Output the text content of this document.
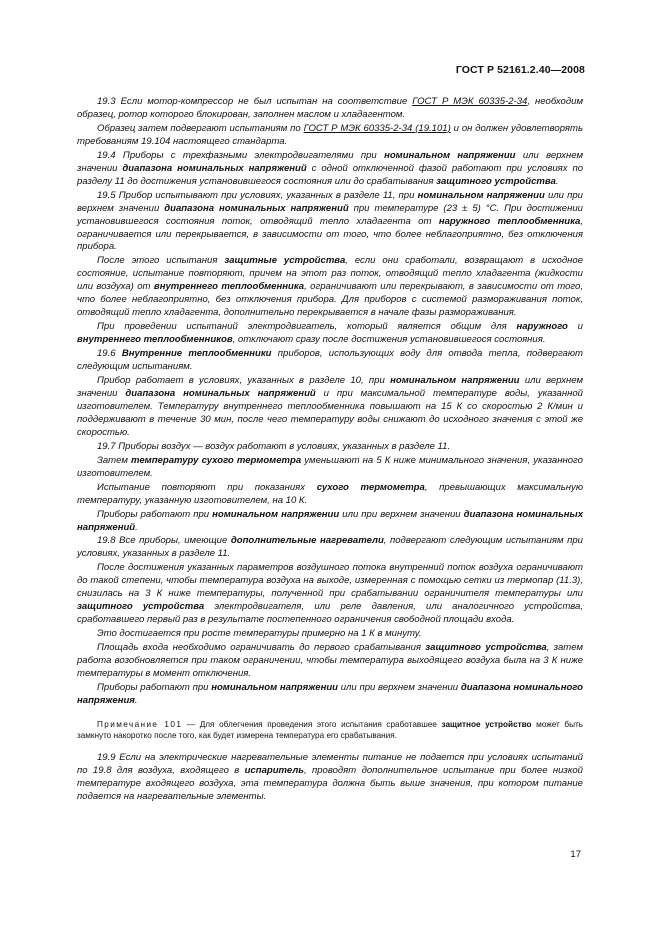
ГОСТ Р 52161.2.40—2008

19.3 Если мотор-компрессор не был испытан на соответствие ГОСТ Р МЭК 60335-2-34, необходим образец, ротор которого блокирован, заполнен маслом и хладагентом.

Образец затем подвергают испытаниям по ГОСТ Р МЭК 60335-2-34 (19.101) и он должен удовлетворять требованиям 19.104 настоящего стандарта.

19.4 Приборы с трехфазными электродвигателями при номинальном напряжении или верхнем значении диапазона номинальных напряжений с одной отключенной фазой работают при условиях по разделу 11 до достижения установившегося состояния или до срабатывания защитного устройства.

19.5 Прибор испытывают при условиях, указанных в разделе 11, при номинальном напряжении или при верхнем значении диапазона номинальных напряжений при температуре (23 ± 5) °С. При достижении установившегося состояния поток, отводящий тепло хладагента от наружного теплообменника, ограничивается или перекрывается, в зависимости от того, что более неблагоприятно, без отключения прибора.

После этого испытания защитные устройства, если они сработали, возвращают в исходное состояние, испытание повторяют, причем на этот раз поток, отводящий тепло хладагента (жидкости или воздуха) от внутреннего теплообменника, ограничивают или перекрывают, в зависимости от того, что более неблагоприятно, без отключения прибора. Для приборов с системой размораживания поток, отводящий тепло хладагента, дополнительно перекрывается в начале фазы размораживания.

При проведении испытаний электродвигатель, который является общим для наружного и внутреннего теплообменников, отключают сразу после достижения установившегося состояния.

19.6 Внутренние теплообменники приборов, использующих воду для отвода тепла, подвергают следующим испытаниям.

Прибор работает в условиях, указанных в разделе 10, при номинальном напряжении или верхнем значении диапазона номинальных напряжений и при максимальной температуре воды, указанной изготовителем. Температуру внутреннего теплообменника повышают на 15 К со скоростью 2 К/мин и поддерживают в течение 30 мин, после чего температуру воды снижают до исходного значения с этой же скоростью.

19.7 Приборы воздух — воздух работают в условиях, указанных в разделе 11.

Затем температуру сухого термометра уменьшают на 5 К ниже минимального значения, указанного изготовителем.

Испытание повторяют при показаниях сухого термометра, превышающих максимальную температуру, указанную изготовителем, на 10 К.

Приборы работают при номинальном напряжении или при верхнем значении диапазона номинальных напряжений.

19.8 Все приборы, имеющие дополнительные нагреватели, подвергают следующим испытаниям при условиях, указанных в разделе 11.

После достижения указанных параметров воздушного потока внутренний поток воздуха ограничивают до такой степени, чтобы температура воздуха на выходе, измеренная с помощью сетки из термопар (11.3), снизилась на 3 К ниже температуры, полученной при срабатывании ограничителя температуры или защитного устройства электродвигателя, или реле давления, или аналогичного устройства, сработавшего первый раз в результате постепенного ограничения свободной площади входа.

Это достигается при росте температуры примерно на 1 К в минуту.

Площадь входа необходимо ограничивать до первого срабатывания защитного устройства, затем работа возобновляется при таком ограничении, чтобы температура выходящего воздуха была на 3 К ниже температуры в момент отключения.

Приборы работают при номинальном напряжении или при верхнем значении диапазона номинального напряжения.

Примечание 101 — Для облегчения проведения этого испытания сработавшее защитное устройство может быть замкнуто накоротко после того, как будет измерена температура его срабатывания.

19.9 Если на электрические нагревательные элементы питание не подается при условиях испытаний по 19.8 для воздуха, входящего в испаритель, проводят дополнительное испытание при более низкой температуре входящего воздуха, эта температура должна быть выше значения, при котором питание подается на нагревательные элементы.

17
